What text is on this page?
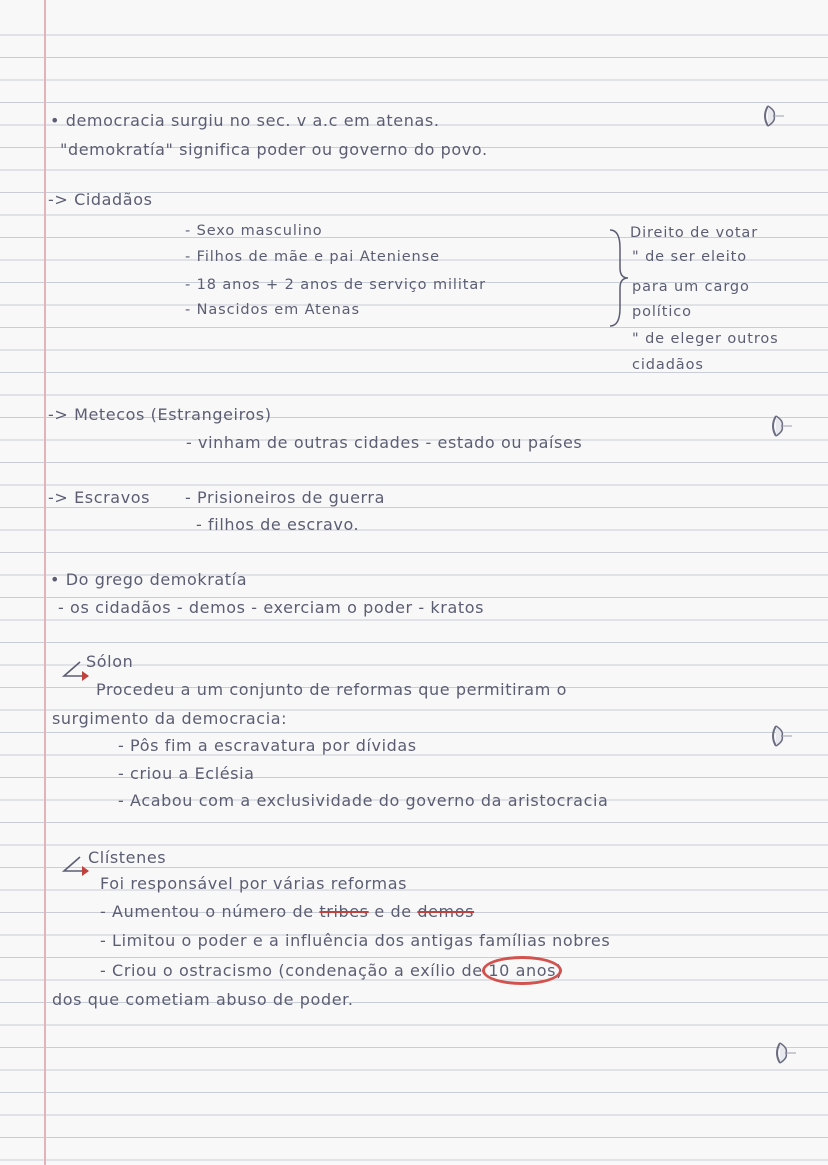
• democracia surgiu no sec. v a.c em atenas.
"demokratía" significa poder ou governo do povo.
-> Cidadãos
- Sexo masculino
- Filhos de mãe e pai Ateniense
- 18 anos + 2 anos de serviço militar
- Nascidos em Atenas
Direito de votar
" de ser eleito
para um cargo
político
" de eleger outros
cidadãos
-> Metecos (Estrangeiros)
- vinham de outras cidades - estado ou países
-> Escravos - Prisioneiros de guerra
- filhos de escravo.
• Do grego demokratía
- os cidadãos - demos - exerciam o poder - kratos
Sólon
Procedeu a um conjunto de reformas que permitiram o
surgimento da democracia:
- Pôs fim a escravatura por dívidas
- criou a Eclésia
- Acabou com a exclusividade do governo da aristocracia
Clístenes
Foi responsável por várias reformas
- Aumentou o número de tribes e de demos
- Limitou o poder e a influência dos antigas famílias nobres
- Criou o ostracismo (condenação a exílio de 10 anos)
dos que cometiam abuso de poder.
